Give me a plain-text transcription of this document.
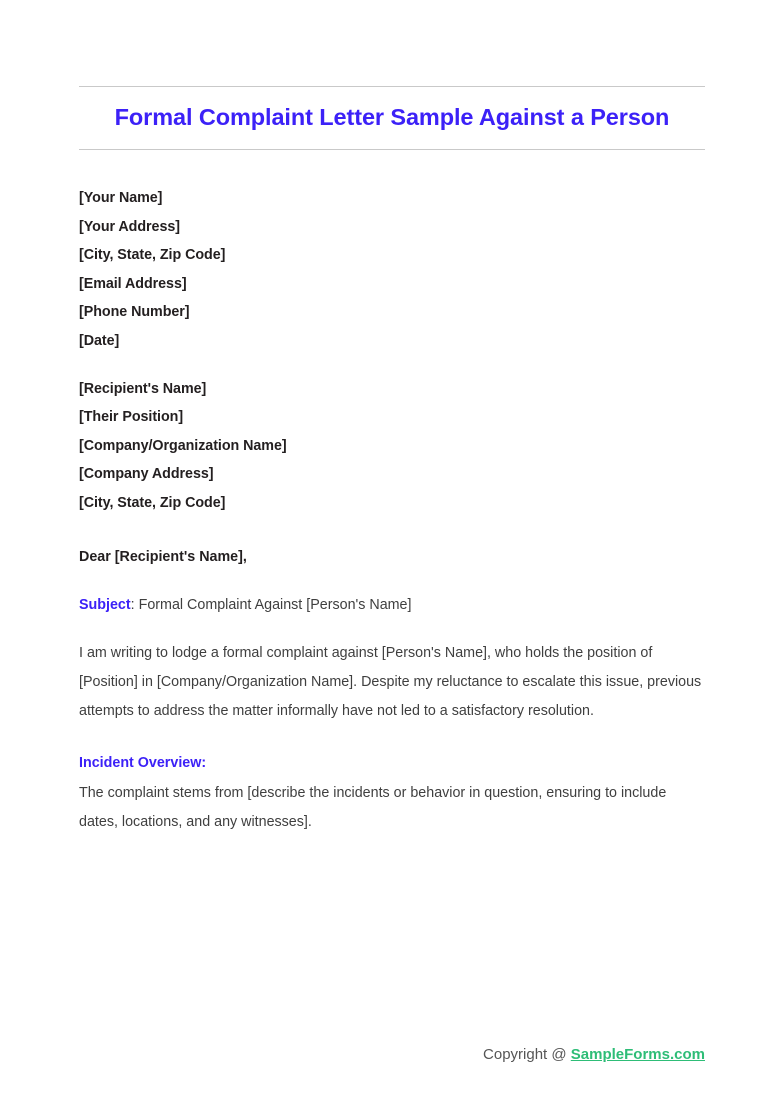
Formal Complaint Letter Sample Against a Person
[Your Name]
[Your Address]
[City, State, Zip Code]
[Email Address]
[Phone Number]
[Date]
[Recipient's Name]
[Their Position]
[Company/Organization Name]
[Company Address]
[City, State, Zip Code]
Dear [Recipient's Name],
Subject: Formal Complaint Against [Person's Name]
I am writing to lodge a formal complaint against [Person's Name], who holds the position of [Position] in [Company/Organization Name]. Despite my reluctance to escalate this issue, previous attempts to address the matter informally have not led to a satisfactory resolution.
Incident Overview:
The complaint stems from [describe the incidents or behavior in question, ensuring to include dates, locations, and any witnesses].
Copyright @ SampleForms.com
